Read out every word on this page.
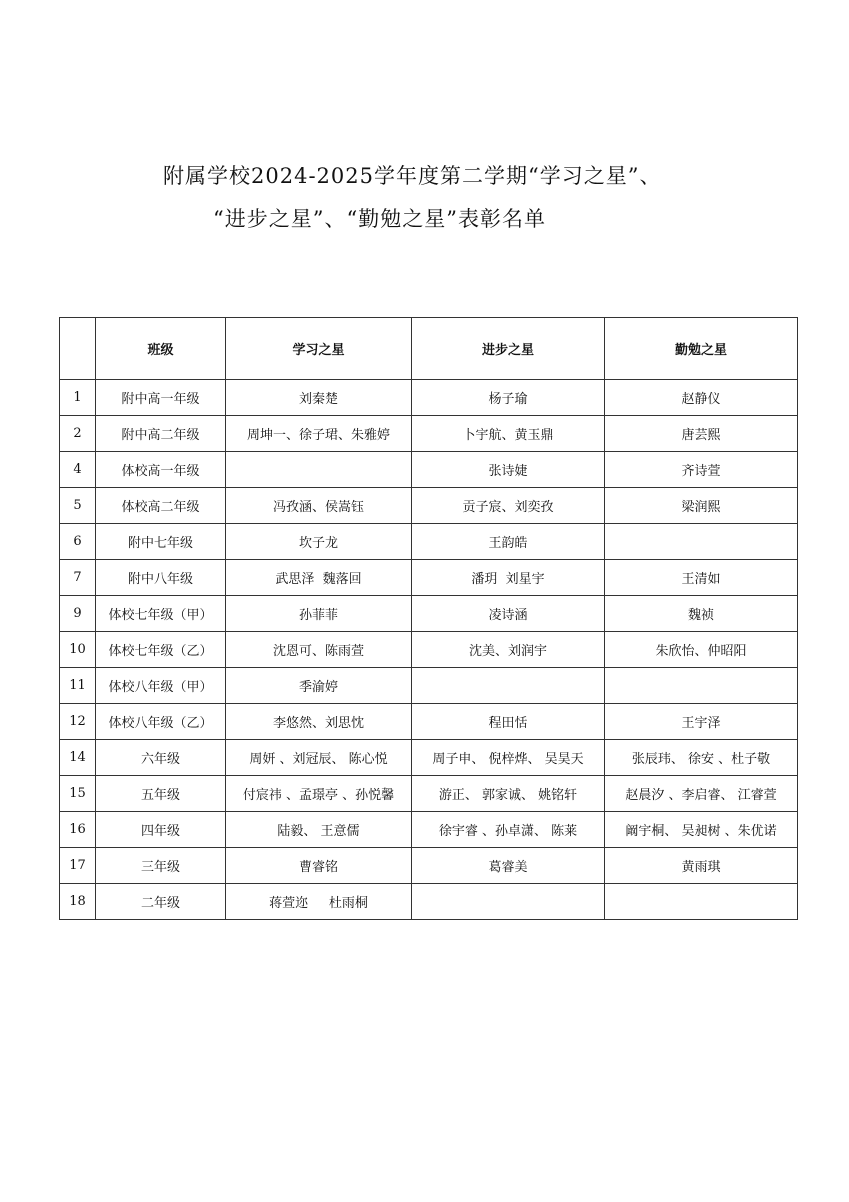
附属学校2024-2025学年度第二学期“学习之星”、
“进步之星”、“勤勉之星”表彰名单
	班级	学习之星	进步之星	勤勉之星
1	附中高一年级	刘秦楚	杨子瑜	赵静仪
2	附中高二年级	周坤一、徐子珺、朱雅婷	卜宇航、黄玉鼎	唐芸熙
4	体校高一年级		张诗婕	齐诗萱
5	体校高二年级	冯孜涵、侯嵩钰	贡子宸、刘奕孜	梁润熙
6	附中七年级	坎子龙	王韵皓	
7	附中八年级	武思泽  魏落回	潘玥  刘星宇	王清如
9	体校七年级（甲）	孙菲菲	凌诗涵	魏祯
10	体校七年级（乙）	沈恩可、陈雨萱	沈美、刘润宇	朱欣怡、仲昭阳
11	体校八年级（甲）	季渝婷		
12	体校八年级（乙）	李悠然、刘思忱	程田恬	王宇泽
14	六年级	周妍 、刘冠辰、 陈心悦	周子申、 倪梓烨、 吴昊天	张辰玮、 徐安 、杜子敬
15	五年级	付宸祎 、孟璟亭 、孙悦馨	游正、 郭家诚、 姚铭轩	赵晨汐 、李启睿、 江睿萱
16	四年级	陆毅、 王意儒	徐宇睿 、孙卓潇、 陈莱	阚宇桐、 吴昶树 、朱优诺
17	三年级	曹睿铭	葛睿美	黄雨琪
18	二年级	蒋萱迩     杜雨桐		
